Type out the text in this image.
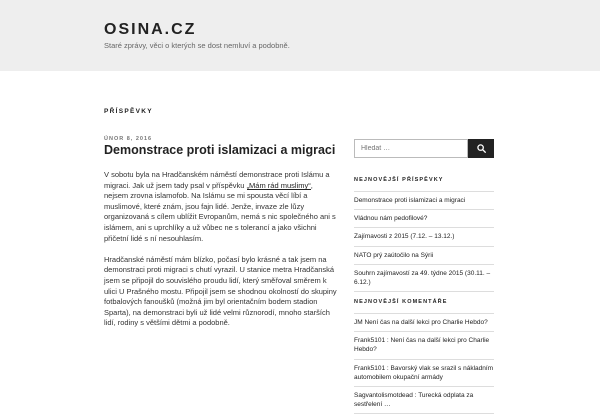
OSINA.CZ
Staré zprávy, věci o kterých se dost nemluví a podobně.
PŘÍSPĚVKY
ÚNOR 8, 2016
Demonstrace proti islamizaci a migraci

V sobotu byla na Hradčanském náměstí demonstrace proti Islámu a migraci. Jak už jsem tady psal v příspěvku „Mám rád muslimy“, nejsem zrovna islamofob. Na Islámu se mi spousta věcí líbí a muslimové, které znám, jsou fajn lidé. Jenže, invaze zle lůzy organizovaná s cílem ublížit Evropanům, nemá s nic společného ani s islámem, ani s uprchlíky a už vůbec ne s tolerancí a jako všichni přičetní lidé s ní nesouhlasím.

Hradčanské náměstí mám blízko, počasí bylo krásné a tak jsem na demonstraci proti migraci s chutí vyrazil. U stanice metra Hradčanská jsem se připojil do souvislého proudu lidí, který směřoval směrem k ulici U Prašného mostu. Připojil jsem se shodnou okolností do skupiny fotbalových fanoušků (možná jim byl orientačním bodem stadion Sparta), na demonstraci byli už lidé velmi různorodí, mnoho starších lidí, rodiny s většími dětmi a podobně.

Hledat …
NEJNOVĚJŠÍ PŘÍSPĚVKY
Demonstrace proti islamizaci a migraci
Vládnou nám pedofilové?
Zajímavosti z 2015 (7.12. – 13.12.)
NATO prý zaútočilo na Sýrii
Souhrn zajímavostí za 49. týdne 2015 (30.11. – 6.12.)
NEJNOVĚJŠÍ KOMENTÁŘE
JM Není čas na další lekci pro Charlie Hebdo?
Frank5101 : Není čas na další lekci pro Charlie Hebdo?
Frank5101 : Bavorský vlak se srazil s nákladním automobilem okupační armády
Sagvantolismotdead : Turecká odplata za sestřelení …
